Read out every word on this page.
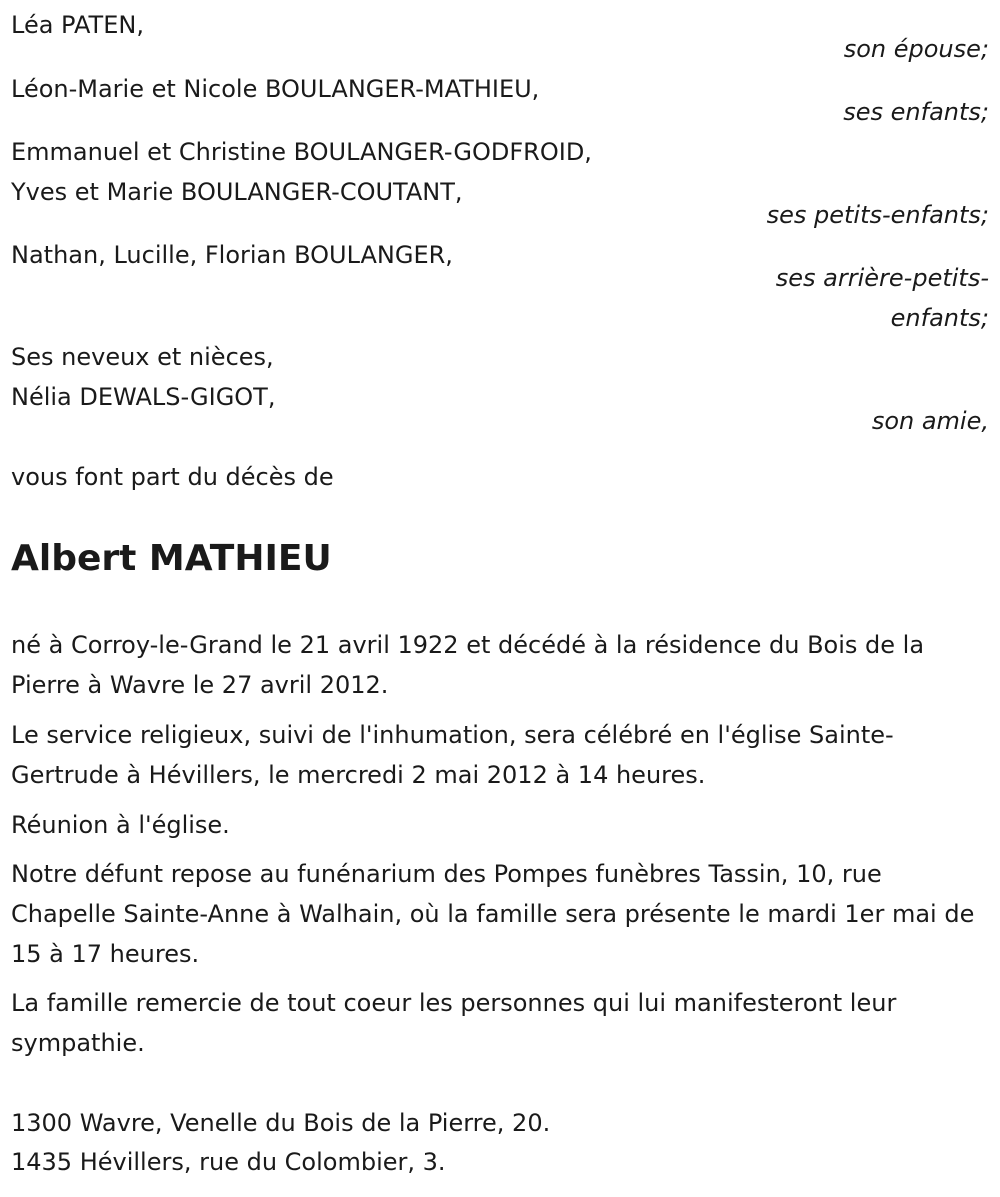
Léa PATEN,
son épouse;
Léon-Marie et Nicole BOULANGER-MATHIEU,
ses enfants;
Emmanuel et Christine BOULANGER-GODFROID,
Yves et Marie BOULANGER-COUTANT,
ses petits-enfants;
Nathan, Lucille, Florian BOULANGER,
ses arrière-petits-
enfants;
Ses neveux et nièces,
Nélia DEWALS-GIGOT,
son amie,
vous font part du décès de
Albert MATHIEU

né à Corroy-le-Grand le 21 avril 1922 et décédé à la résidence du Bois de la Pierre à Wavre le 27 avril 2012.

Le service religieux, suivi de l'inhumation, sera célébré en l'église Sainte-Gertrude à Hévillers, le mercredi 2 mai 2012 à 14 heures.

Réunion à l'église.

Notre défunt repose au funénarium des Pompes funèbres Tassin, 10, rue Chapelle Sainte-Anne à Walhain, où la famille sera présente le mardi 1er mai de 15 à 17 heures.

La famille remercie de tout coeur les personnes qui lui manifesteront leur sympathie.

1300 Wavre, Venelle du Bois de la Pierre, 20.
1435 Hévillers, rue du Colombier, 3.
